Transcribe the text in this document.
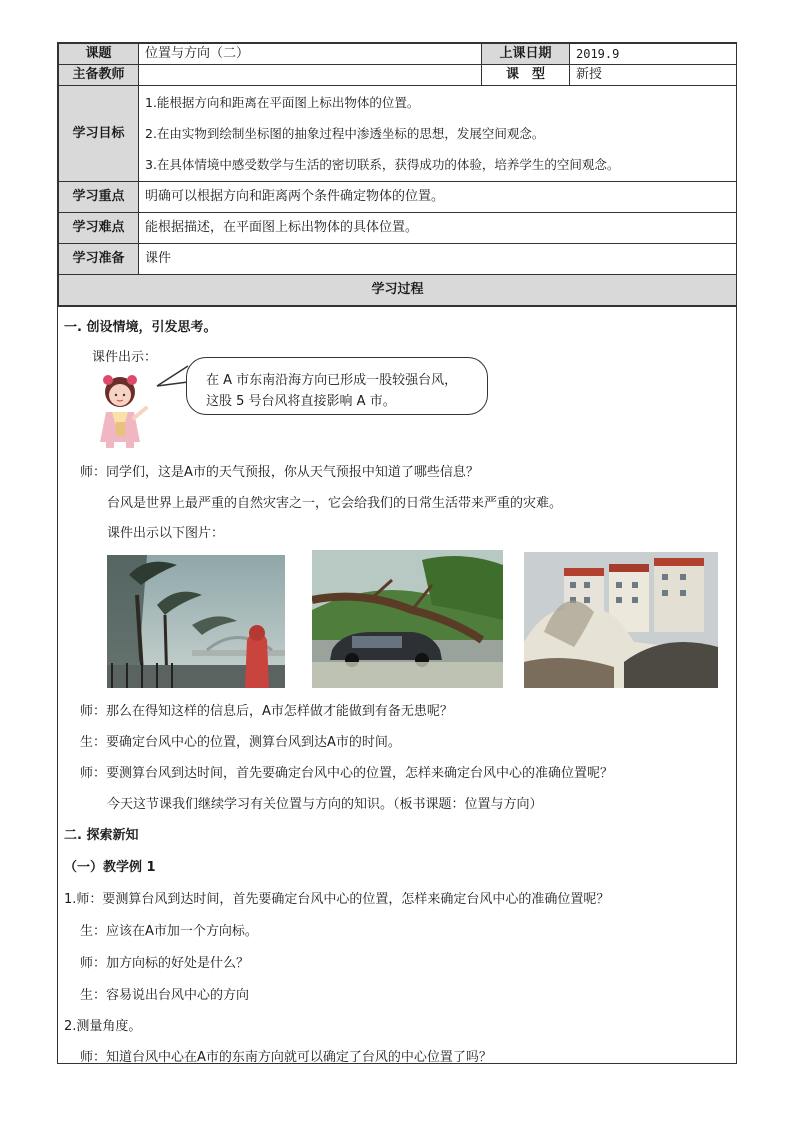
课题	位置与方向（二）	上课日期	2019.9
主备教师		课　型	新授
学习目标	1.能根据方向和距离在平面图上标出物体的位置。
2.在由实物到绘制坐标图的抽象过程中渗透坐标的思想，发展空间观念。
3.在具体情境中感受数学与生活的密切联系，获得成功的体验，培养学生的空间观念。		

学习重点	明确可以根据方向和距离两个条件确定物体的位置。		
学习难点	能根据描述，在平面图上标出物体的具体位置。		
学习准备	课件		
学习过程			
一. 创设情境，引发思考。
课件出示：
在 A 市东南沿海方向已形成一股较强台风，
这股 5 号台风将直接影响 A 市。
师：同学们，这是A市的天气预报，你从天气预报中知道了哪些信息？
台风是世界上最严重的自然灾害之一，它会给我们的日常生活带来严重的灾难。
课件出示以下图片：
师：那么在得知这样的信息后，A市怎样做才能做到有备无患呢？
生：要确定台风中心的位置，测算台风到达A市的时间。
师：要测算台风到达时间，首先要确定台风中心的位置，怎样来确定台风中心的准确位置呢？
今天这节课我们继续学习有关位置与方向的知识。（板书课题：位置与方向）
二. 探索新知
（一）教学例 1
1.师：要测算台风到达时间，首先要确定台风中心的位置，怎样来确定台风中心的准确位置呢？
生：应该在A市加一个方向标。
师：加方向标的好处是什么？
生：容易说出台风中心的方向
2.测量角度。
师：知道台风中心在A市的东南方向就可以确定了台风的中心位置了吗？
